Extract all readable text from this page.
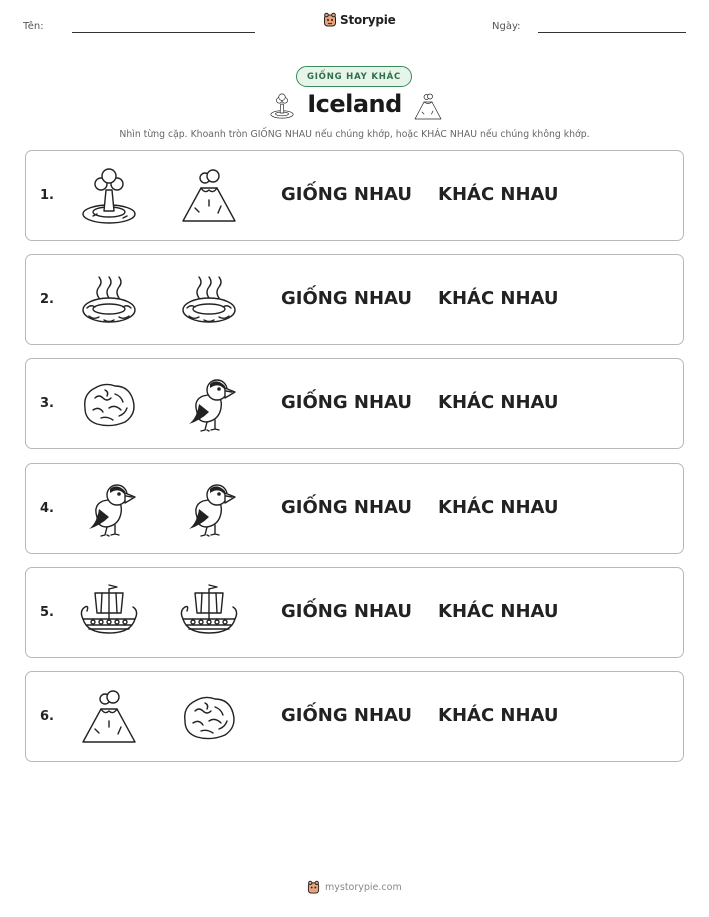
Tên:	Storypie	Ngày:
GIỐNG HAY KHÁC
Iceland
Nhìn từng cặp. Khoanh tròn GIỐNG NHAU nếu chúng khớp, hoặc KHÁC NHAU nếu chúng không khớp.
1.	GIỐNG NHAU KHÁC NHAU
2.	GIỐNG NHAU KHÁC NHAU
3.	GIỐNG NHAU KHÁC NHAU
4.	GIỐNG NHAU KHÁC NHAU
5.	GIỐNG NHAU KHÁC NHAU
6.	GIỐNG NHAU KHÁC NHAU
mystorypie.com
